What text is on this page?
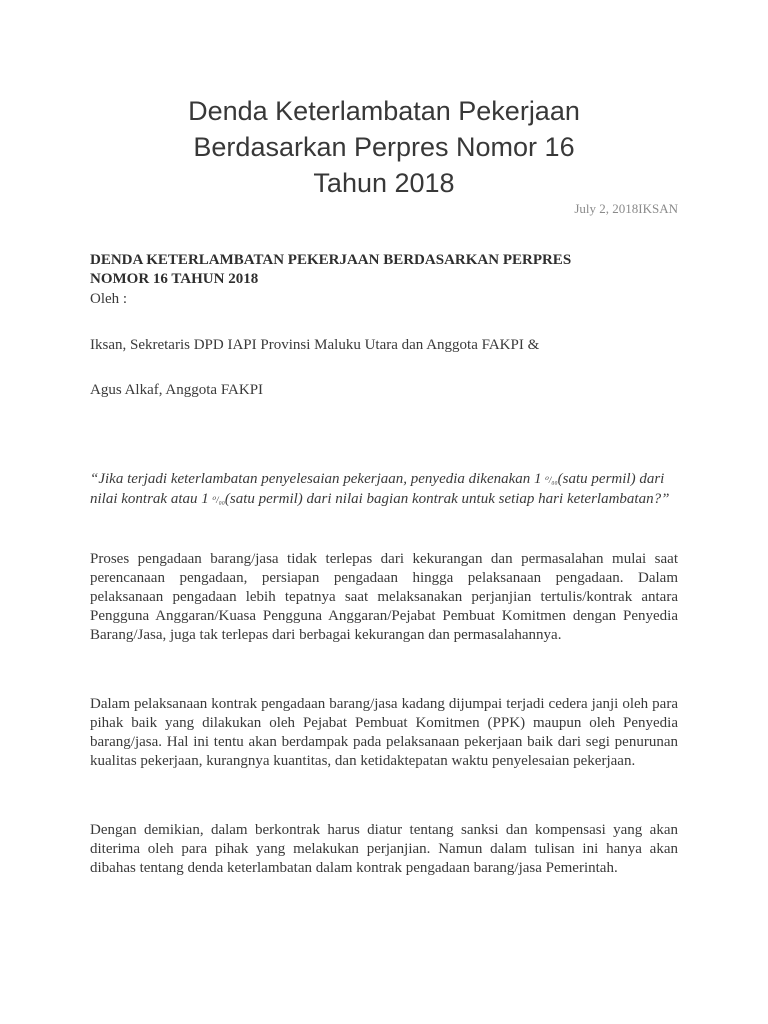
Denda Keterlambatan Pekerjaan
Berdasarkan Perpres Nomor 16
Tahun 2018
July 2, 2018IKSAN
DENDA KETERLAMBATAN PEKERJAAN BERDASARKAN PERPRES
NOMOR 16 TAHUN 2018

Oleh :

Iksan, Sekretaris DPD IAPI Provinsi Maluku Utara dan Anggota FAKPI &

Agus Alkaf, Anggota FAKPI

“Jika terjadi keterlambatan penyelesaian pekerjaan, penyedia dikenakan 1 ⁰/₀₀(satu permil) dari nilai kontrak atau 1 ⁰/₀₀(satu permil) dari nilai bagian kontrak untuk setiap hari keterlambatan?”

Proses pengadaan barang/jasa tidak terlepas dari kekurangan dan permasalahan mulai saat perencanaan pengadaan, persiapan pengadaan hingga pelaksanaan pengadaan. Dalam pelaksanaan pengadaan lebih tepatnya saat melaksanakan perjanjian tertulis/kontrak antara Pengguna Anggaran/Kuasa Pengguna Anggaran/Pejabat Pembuat Komitmen dengan Penyedia Barang/Jasa, juga tak terlepas dari berbagai kekurangan dan permasalahannya.

Dalam pelaksanaan kontrak pengadaan barang/jasa kadang dijumpai terjadi cedera janji oleh para pihak baik yang dilakukan oleh Pejabat Pembuat Komitmen (PPK) maupun oleh Penyedia barang/jasa. Hal ini tentu akan berdampak pada pelaksanaan pekerjaan baik dari segi penurunan kualitas pekerjaan, kurangnya kuantitas, dan ketidaktepatan waktu penyelesaian pekerjaan.

Dengan demikian, dalam berkontrak harus diatur tentang sanksi dan kompensasi yang akan diterima oleh para pihak yang melakukan perjanjian. Namun dalam tulisan ini hanya akan dibahas tentang denda keterlambatan dalam kontrak pengadaan barang/jasa Pemerintah.
